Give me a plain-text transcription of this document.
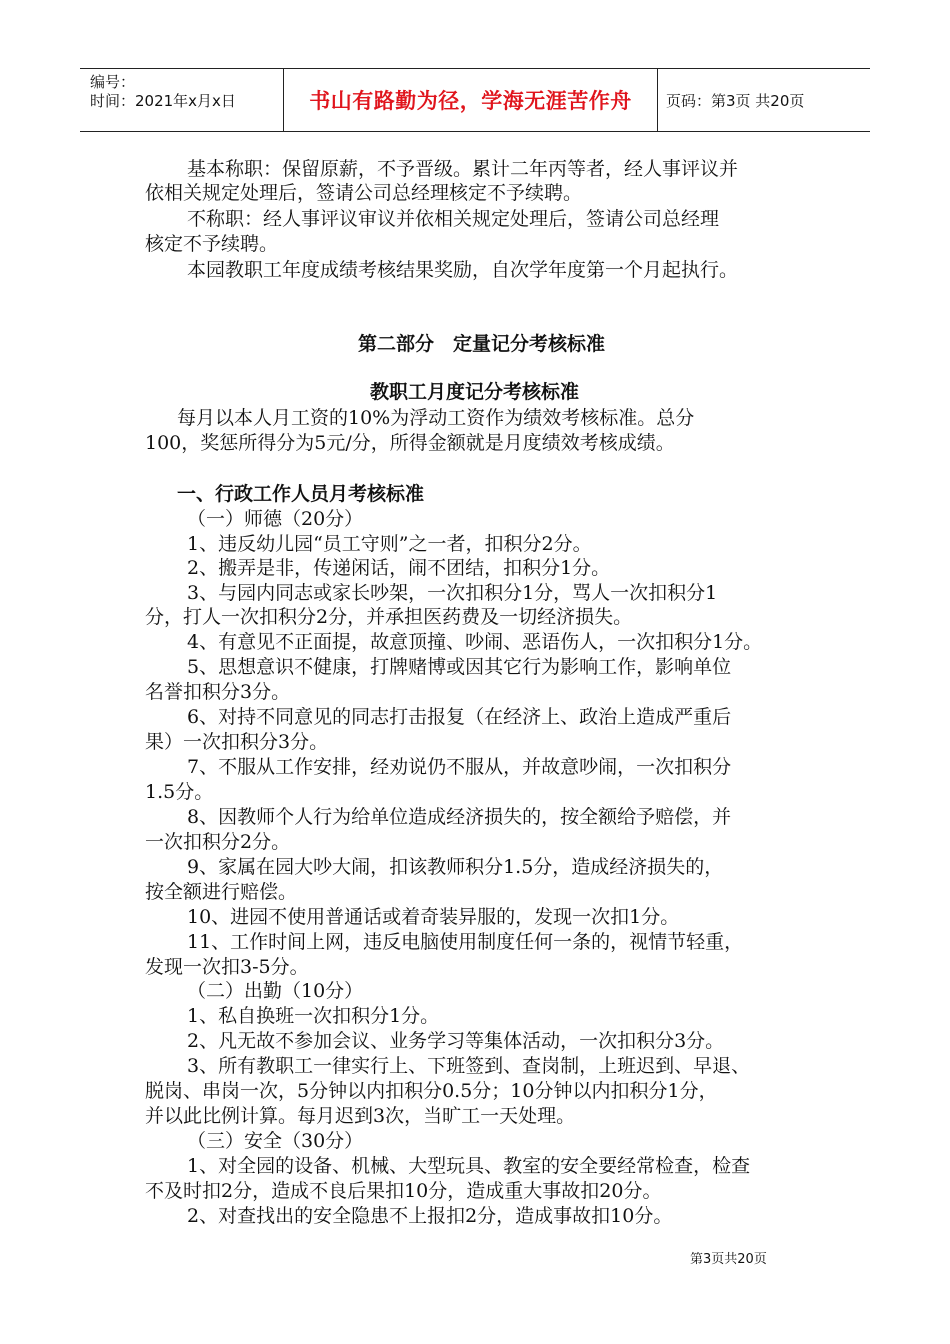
编号：
时间：2021年x月x日	书山有路勤为径，学海无涯苦作舟	页码：第3页 共20页
基本称职：保留原薪，不予晋级。累计二年丙等者，经人事评议并
依相关规定处理后，签请公司总经理核定不予续聘。
不称职：经人事评议审议并依相关规定处理后，签请公司总经理
核定不予续聘。
本园教职工年度成绩考核结果奖励，自次学年度第一个月起执行。
第二部分　定量记分考核标准
教职工月度记分考核标准
每月以本人月工资的10%为浮动工资作为绩效考核标准。总分
100，奖惩所得分为5元/分，所得金额就是月度绩效考核成绩。
一、行政工作人员月考核标准
（一）师德（20分）
1、违反幼儿园“员工守则”之一者，扣积分2分。
2、搬弄是非，传递闲话，闹不团结，扣积分1分。
3、与园内同志或家长吵架，一次扣积分1分，骂人一次扣积分1
分，打人一次扣积分2分，并承担医药费及一切经济损失。
4、有意见不正面提，故意顶撞、吵闹、恶语伤人，一次扣积分1分。
5、思想意识不健康，打牌赌博或因其它行为影响工作，影响单位
名誉扣积分3分。
6、对持不同意见的同志打击报复（在经济上、政治上造成严重后
果）一次扣积分3分。
7、不服从工作安排，经劝说仍不服从，并故意吵闹，一次扣积分
1.5分。
8、因教师个人行为给单位造成经济损失的，按全额给予赔偿，并
一次扣积分2分。
9、家属在园大吵大闹，扣该教师积分1.5分，造成经济损失的，
按全额进行赔偿。
10、进园不使用普通话或着奇装异服的，发现一次扣1分。
11、工作时间上网，违反电脑使用制度任何一条的，视情节轻重，
发现一次扣3-5分。
（二）出勤（10分）
1、私自换班一次扣积分1分。
2、凡无故不参加会议、业务学习等集体活动，一次扣积分3分。
3、所有教职工一律实行上、下班签到、查岗制，上班迟到、早退、
脱岗、串岗一次，5分钟以内扣积分0.5分；10分钟以内扣积分1分，
并以此比例计算。每月迟到3次，当旷工一天处理。
（三）安全（30分）
1、对全园的设备、机械、大型玩具、教室的安全要经常检查，检查
不及时扣2分，造成不良后果扣10分，造成重大事故扣20分。
2、对查找出的安全隐患不上报扣2分，造成事故扣10分。
第3页共20页
